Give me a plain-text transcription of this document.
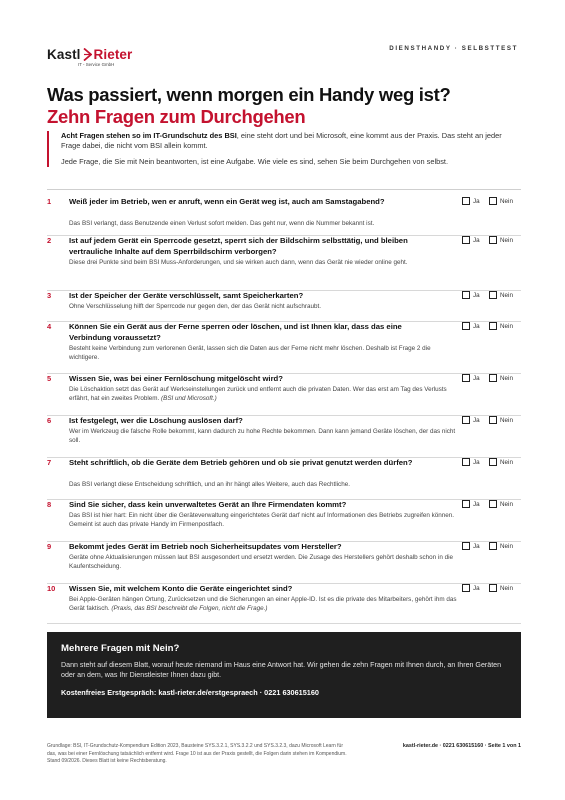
Kastl Rieter
IT - Service GmbH
DIENSTHANDY · SELBSTTEST
Was passiert, wenn morgen ein Handy weg ist?
Zehn Fragen zum Durchgehen

Acht Fragen stehen so im IT-Grundschutz des BSI, eine steht dort und bei Microsoft, eine kommt aus der Praxis. Das steht an jeder Frage dabei, die nicht vom BSI allein kommt.

Jede Frage, die Sie mit Nein beantworten, ist eine Aufgabe. Wie viele es sind, sehen Sie beim Durchgehen von selbst.

1 Weiß jeder im Betrieb, wen er anruft, wenn ein Gerät weg ist, auch am Samstagabend?
Das BSI verlangt, dass Benutzende einen Verlust sofort melden. Das geht nur, wenn die Nummer bekannt ist.
Ja	Nein
2 Ist auf jedem Gerät ein Sperrcode gesetzt, sperrt sich der Bildschirm selbsttätig, und bleiben vertrauliche Inhalte auf dem Sperrbildschirm verborgen?
Diese drei Punkte sind beim BSI Muss-Anforderungen, und sie wirken auch dann, wenn das Gerät nie wieder online geht.
Ja	Nein
3 Ist der Speicher der Geräte verschlüsselt, samt Speicherkarten?
Ohne Verschlüsselung hilft der Sperrcode nur gegen den, der das Gerät nicht aufschraubt.
Ja	Nein
4 Können Sie ein Gerät aus der Ferne sperren oder löschen, und ist Ihnen klar, dass das eine Verbindung voraussetzt?
Besteht keine Verbindung zum verlorenen Gerät, lassen sich die Daten aus der Ferne nicht mehr löschen. Deshalb ist Frage 2 die wichtigere.
Ja	Nein
5 Wissen Sie, was bei einer Fernlöschung mitgelöscht wird?
Die Löschaktion setzt das Gerät auf Werkseinstellungen zurück und entfernt auch die privaten Daten. Wer das erst am Tag des Verlusts erfährt, hat ein zweites Problem. (BSI und Microsoft.)
Ja	Nein
6 Ist festgelegt, wer die Löschung auslösen darf?
Wer im Werkzeug die falsche Rolle bekommt, kann dadurch zu hohe Rechte bekommen. Dann kann jemand Geräte löschen, der das nicht soll.
Ja	Nein
7 Steht schriftlich, ob die Geräte dem Betrieb gehören und ob sie privat genutzt werden dürfen?
Das BSI verlangt diese Entscheidung schriftlich, und an ihr hängt alles Weitere, auch das Rechtliche.
Ja	Nein
8 Sind Sie sicher, dass kein unverwaltetes Gerät an Ihre Firmendaten kommt?
Das BSI ist hier hart: Ein nicht über die Geräteverwaltung eingerichtetes Gerät darf nicht auf Informationen des Betriebs zugreifen können. Gemeint ist auch das private Handy im Firmenpostfach.
Ja	Nein
9 Bekommt jedes Gerät im Betrieb noch Sicherheitsupdates vom Hersteller?
Geräte ohne Aktualisierungen müssen laut BSI ausgesondert und ersetzt werden. Die Zusage des Herstellers gehört deshalb schon in die Kaufentscheidung.
Ja	Nein
10 Wissen Sie, mit welchem Konto die Geräte eingerichtet sind?
Bei Apple-Geräten hängen Ortung, Zurücksetzen und die Sicherungen an einer Apple-ID. Ist es die private des Mitarbeiters, gehört ihm das Gerät faktisch. (Praxis, das BSI beschreibt die Folgen, nicht die Frage.)
Ja	Nein
Mehrere Fragen mit Nein?
Dann steht auf diesem Blatt, worauf heute niemand im Haus eine Antwort hat. Wir gehen die zehn Fragen mit Ihnen durch, an Ihren Geräten oder an dem, was Ihr Dienstleister Ihnen dazu gibt.
Kostenfreies Erstgespräch: kastl-rieter.de/erstgespraech · 0221 630615160
Grundlage: BSI, IT-Grundschutz-Kompendium Edition 2023, Bausteine SYS.3.2.1, SYS.3.2.2 und SYS.3.2.3, dazu Microsoft Learn für das, was bei einer Fernlöschung tatsächlich entfernt wird. Frage 10 ist aus der Praxis gestellt, die Folgen darin stehen im Kompendium. Stand 09/2026. Dieses Blatt ist keine Rechtsberatung.
kastl-rieter.de · 0221 630615160 · Seite 1 von 1
